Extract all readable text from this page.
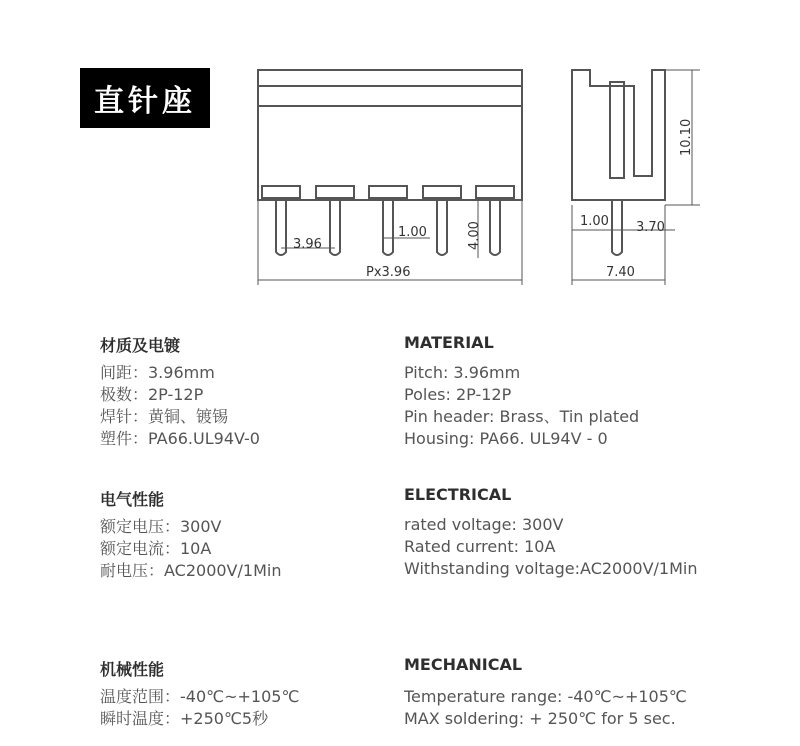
直针座
3.96
1.00	4.00
Px3.96
10.10
1.00 3.70
7.40
材质及电镀
间距：3.96mm
极数：2P-12P
焊针：黄铜、镀锡
塑件：PA66.UL94V-0
MATERIAL
Pitch: 3.96mm
Poles: 2P-12P
Pin header: Brass、Tin plated
Housing: PA66. UL94V - 0
电气性能
额定电压：300V
额定电流：10A
耐电压：AC2000V/1Min
ELECTRICAL
rated voltage: 300V
Rated current: 10A
Withstanding voltage:AC2000V/1Min
机械性能
温度范围：-40℃~+105℃
瞬时温度：+250℃5秒
MECHANICAL
Temperature range: -40℃~+105℃
MAX soldering: + 250℃ for 5 sec.
